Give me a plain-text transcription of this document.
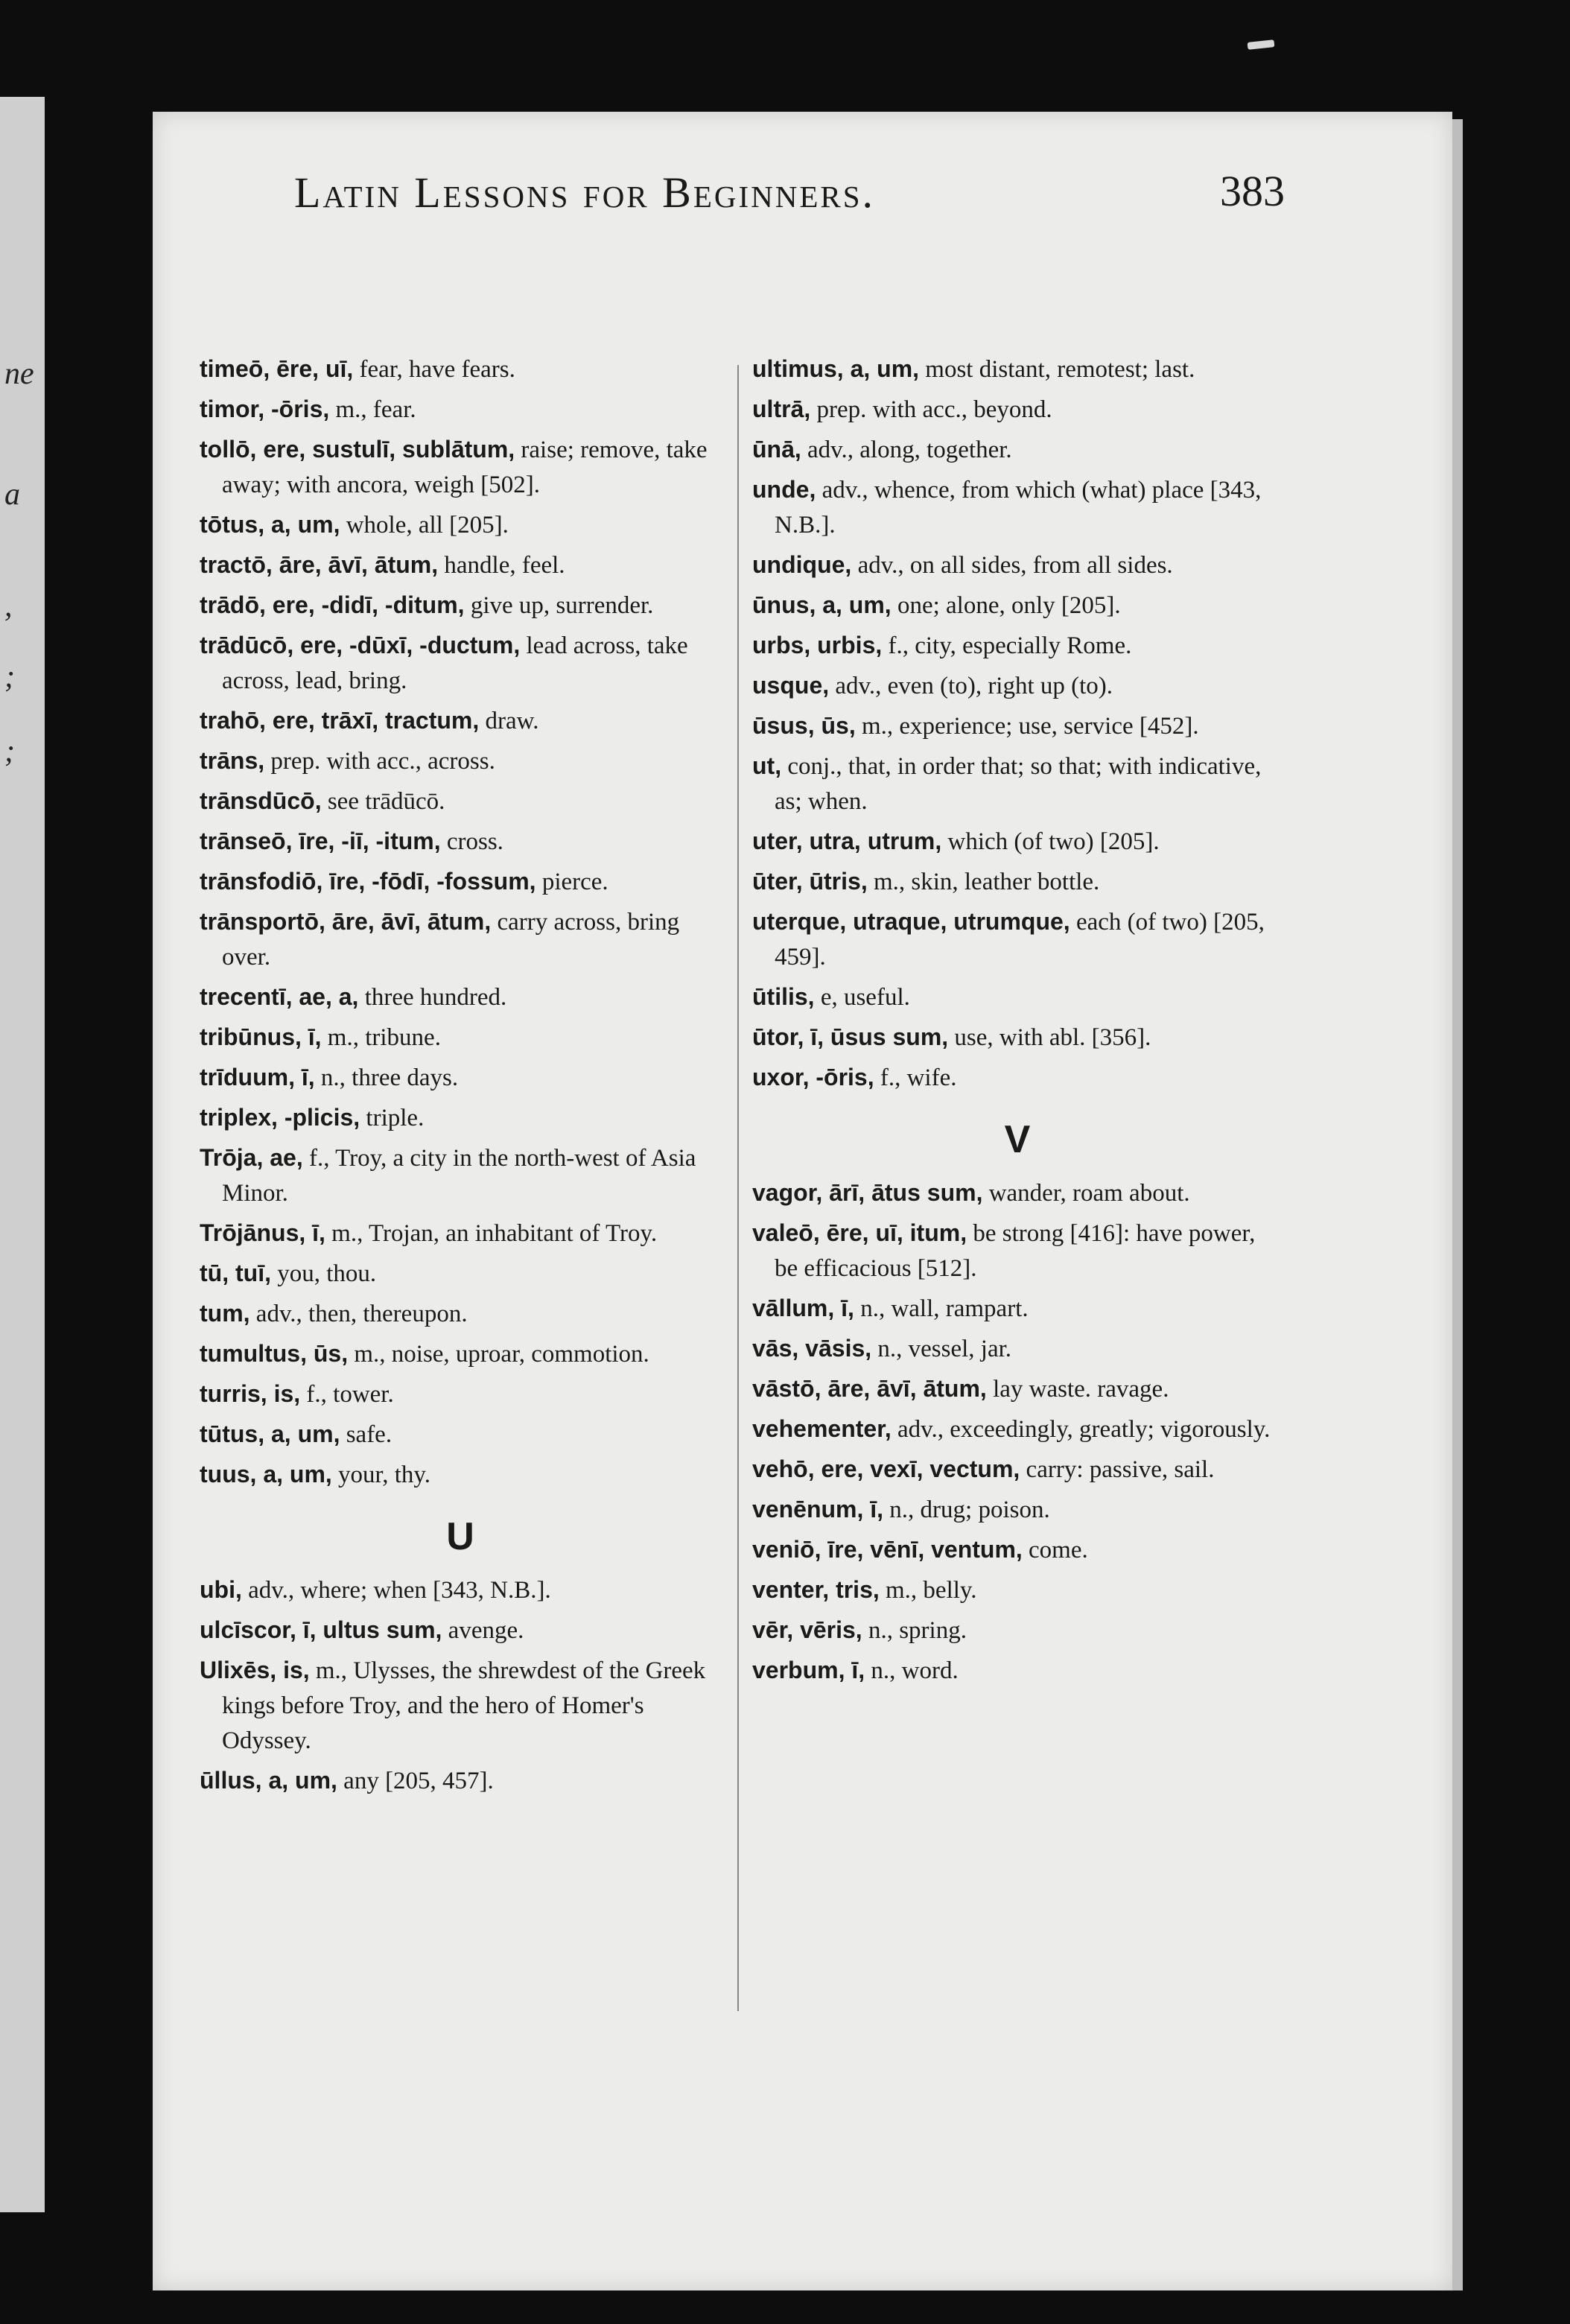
ne
a
,
;
;
Latin Lessons for Beginners.	383
timeō, ēre, uī, fear, have fears.
timor, -ōris, m., fear.
tollō, ere, sustulī, sublātum, raise; remove, take away; with ancora, weigh [502].
tōtus, a, um, whole, all [205].
tractō, āre, āvī, ātum, handle, feel.
trādō, ere, -didī, -ditum, give up, surrender.
trādūcō, ere, -dūxī, -ductum, lead across, take across, lead, bring.
trahō, ere, trāxī, tractum, draw.
trāns, prep. with acc., across.
trānsdūcō, see trādūcō.
trānseō, īre, -iī, -itum, cross.
trānsfodiō, īre, -fōdī, -fossum, pierce.
trānsportō, āre, āvī, ātum, carry across, bring over.
trecentī, ae, a, three hundred.
tribūnus, ī, m., tribune.
trīduum, ī, n., three days.
triplex, -plicis, triple.
Trōja, ae, f., Troy, a city in the north-west of Asia Minor.
Trōjānus, ī, m., Trojan, an inhabitant of Troy.
tū, tuī, you, thou.
tum, adv., then, thereupon.
tumultus, ūs, m., noise, uproar, commotion.
turris, is, f., tower.
tūtus, a, um, safe.
tuus, a, um, your, thy.
U
ubi, adv., where; when [343, N.B.].
ulcīscor, ī, ultus sum, avenge.
Ulixēs, is, m., Ulysses, the shrewdest of the Greek kings before Troy, and the hero of Homer's Odyssey.
ūllus, a, um, any [205, 457].
ultimus, a, um, most distant, remotest; last.
ultrā, prep. with acc., beyond.
ūnā, adv., along, together.
unde, adv., whence, from which (what) place [343, N.B.].
undique, adv., on all sides, from all sides.
ūnus, a, um, one; alone, only [205].
urbs, urbis, f., city, especially Rome.
usque, adv., even (to), right up (to).
ūsus, ūs, m., experience; use, service [452].
ut, conj., that, in order that; so that; with indicative, as; when.
uter, utra, utrum, which (of two) [205].
ūter, ūtris, m., skin, leather bottle.
uterque, utraque, utrumque, each (of two) [205, 459].
ūtilis, e, useful.
ūtor, ī, ūsus sum, use, with abl. [356].
uxor, -ōris, f., wife.
V
vagor, ārī, ātus sum, wander, roam about.
valeō, ēre, uī, itum, be strong [416]: have power, be efficacious [512].
vāllum, ī, n., wall, rampart.
vās, vāsis, n., vessel, jar.
vāstō, āre, āvī, ātum, lay waste. ravage.
vehementer, adv., exceedingly, greatly; vigorously.
vehō, ere, vexī, vectum, carry: passive, sail.
venēnum, ī, n., drug; poison.
veniō, īre, vēnī, ventum, come.
venter, tris, m., belly.
vēr, vēris, n., spring.
verbum, ī, n., word.
